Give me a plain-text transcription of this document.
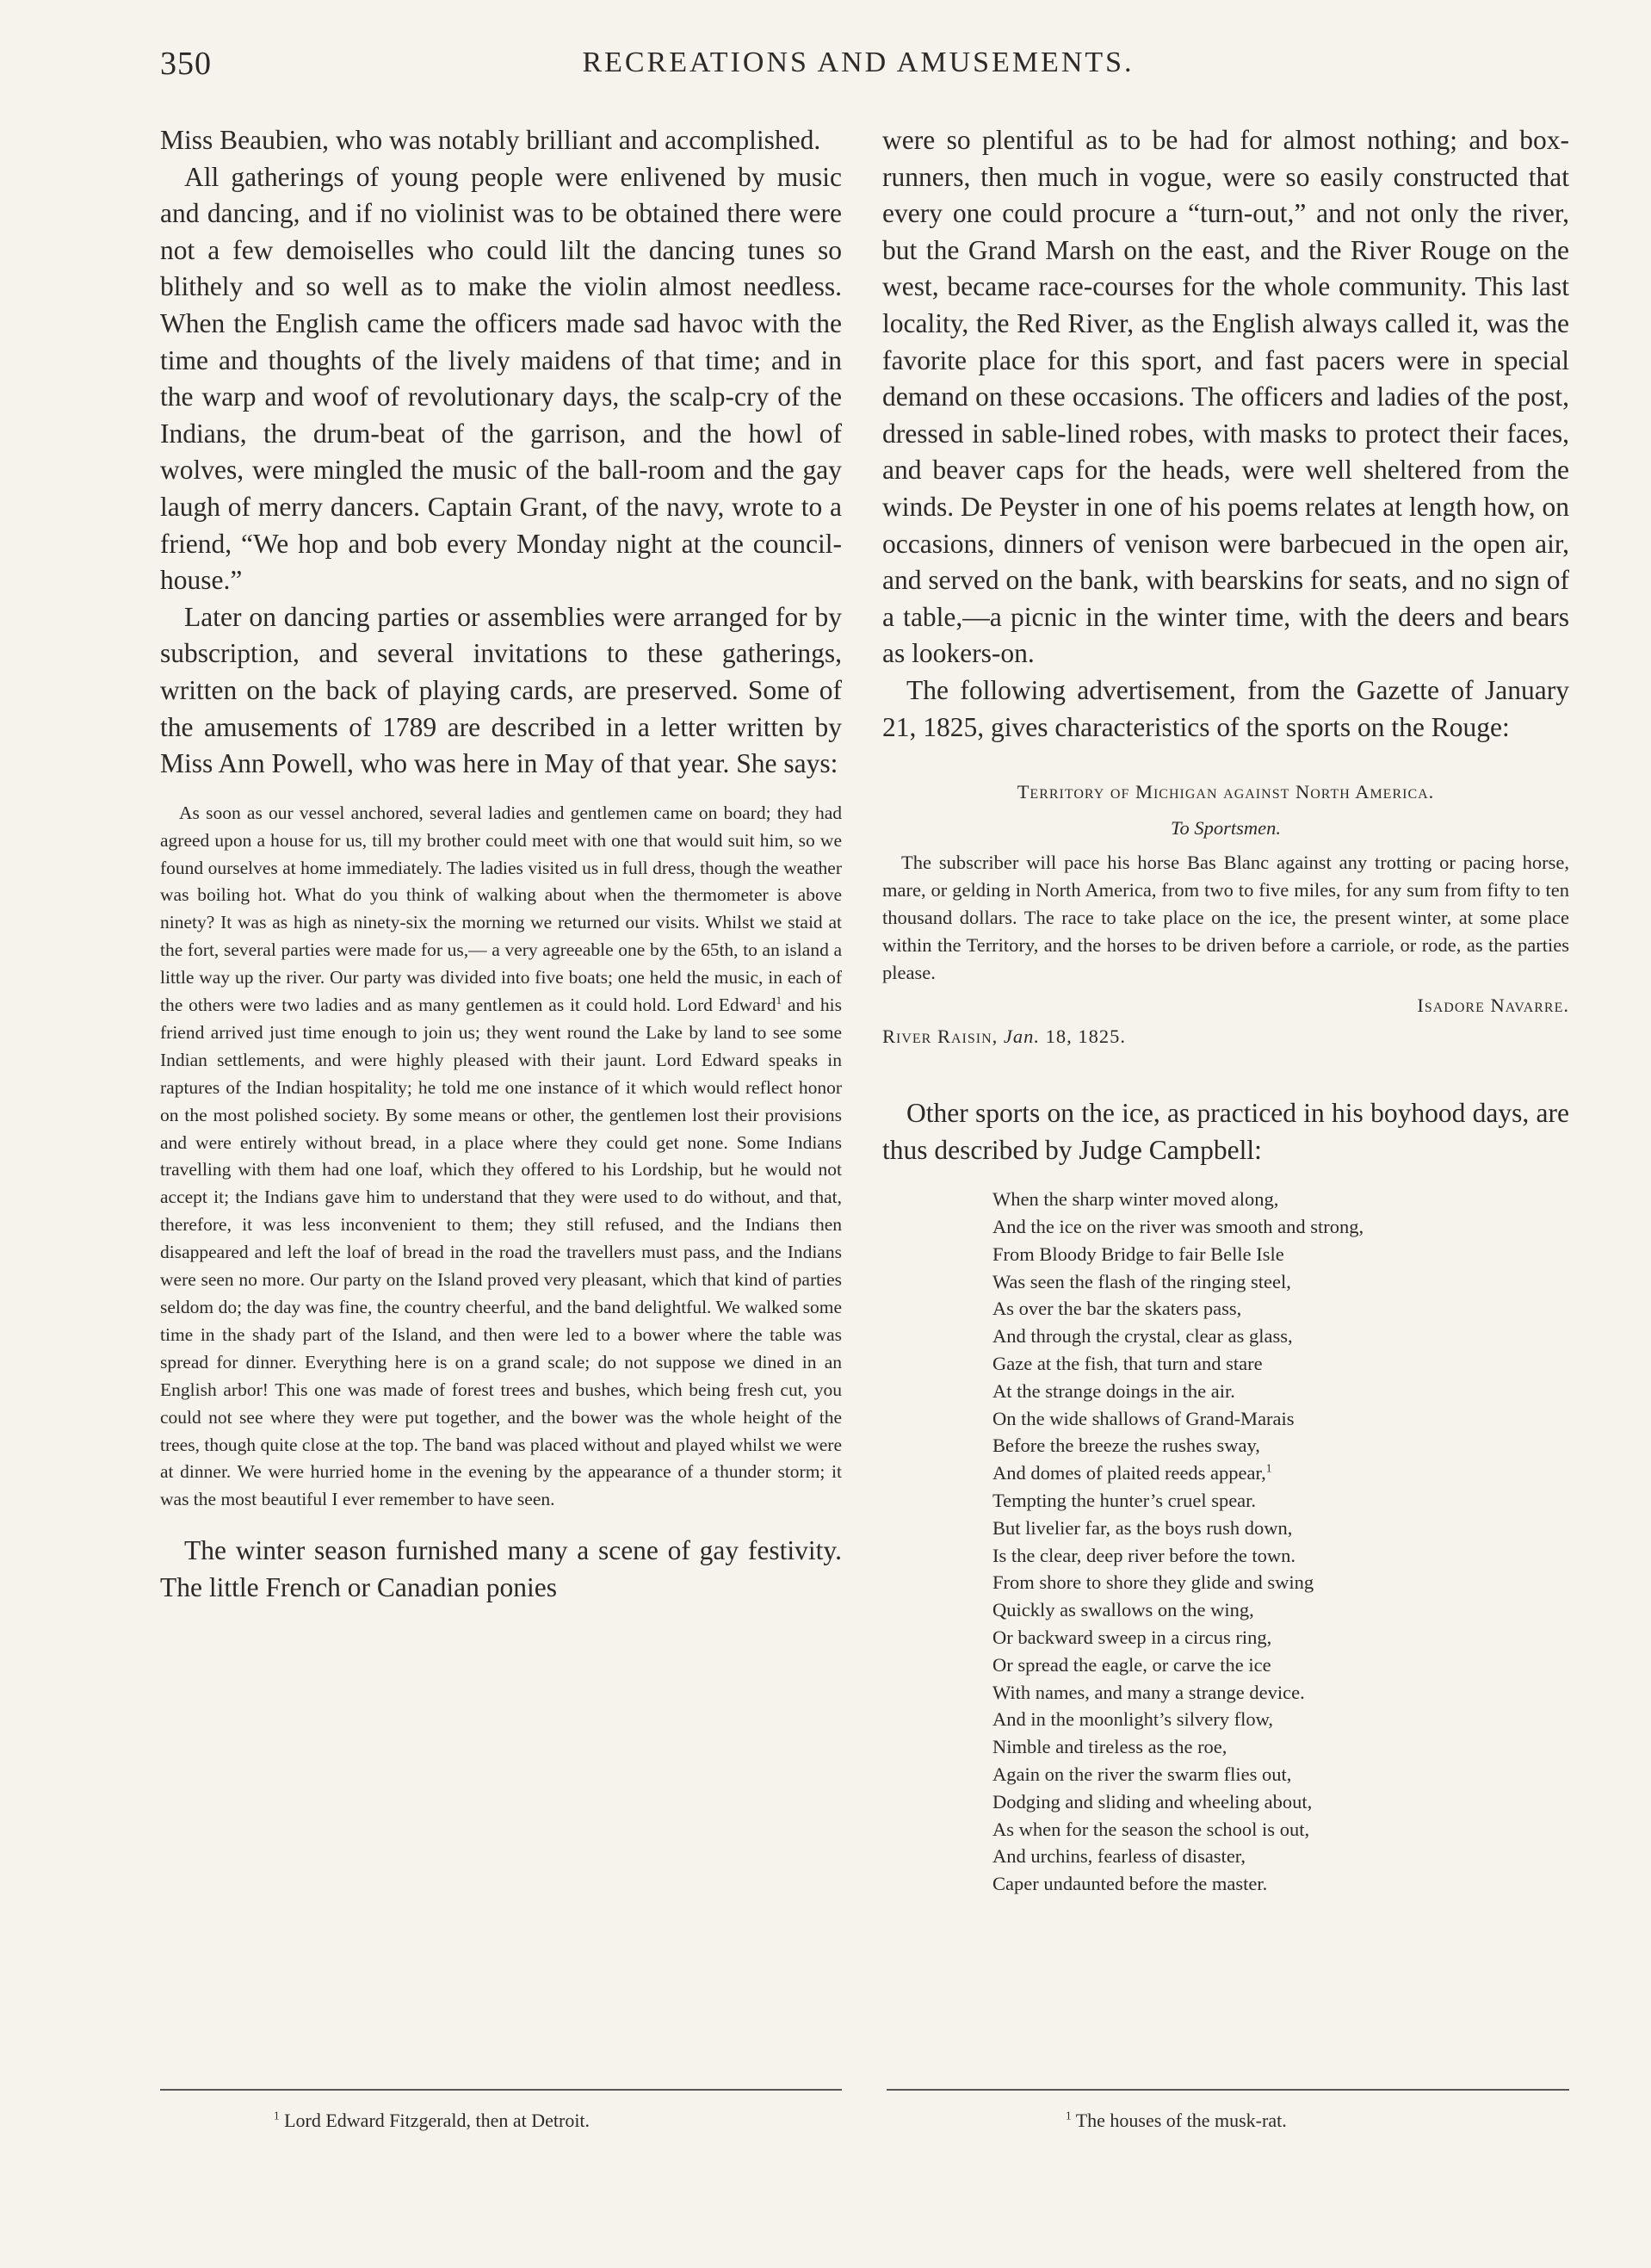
350	RECREATIONS AND AMUSEMENTS.

Miss Beaubien, who was notably brilliant and accomplished.

All gatherings of young people were enlivened by music and dancing, and if no violinist was to be obtained there were not a few demoiselles who could lilt the dancing tunes so blithely and so well as to make the violin almost needless. When the English came the officers made sad havoc with the time and thoughts of the lively maidens of that time; and in the warp and woof of revolutionary days, the scalp-cry of the Indians, the drum-beat of the garrison, and the howl of wolves, were mingled the music of the ball-room and the gay laugh of merry dancers. Captain Grant, of the navy, wrote to a friend, “We hop and bob every Monday night at the council-house.”

Later on dancing parties or assemblies were arranged for by subscription, and several invitations to these gatherings, written on the back of playing cards, are preserved. Some of the amusements of 1789 are described in a letter written by Miss Ann Powell, who was here in May of that year. She says:

As soon as our vessel anchored, several ladies and gentlemen came on board; they had agreed upon a house for us, till my brother could meet with one that would suit him, so we found ourselves at home immediately. The ladies visited us in full dress, though the weather was boiling hot. What do you think of walking about when the thermometer is above ninety? It was as high as ninety-six the morning we returned our visits. Whilst we staid at the fort, several parties were made for us,— a very agreeable one by the 65th, to an island a little way up the river. Our party was divided into five boats; one held the music, in each of the others were two ladies and as many gentlemen as it could hold. Lord Edward$^1$ and his friend arrived just time enough to join us; they went round the Lake by land to see some Indian settlements, and were highly pleased with their jaunt. Lord Edward speaks in raptures of the Indian hospitality; he told me one instance of it which would reflect honor on the most polished society. By some means or other, the gentlemen lost their provisions and were entirely without bread, in a place where they could get none. Some Indians travelling with them had one loaf, which they offered to his Lordship, but he would not accept it; the Indians gave him to understand that they were used to do without, and that, therefore, it was less inconvenient to them; they still refused, and the Indians then disappeared and left the loaf of bread in the road the travellers must pass, and the Indians were seen no more. Our party on the Island proved very pleasant, which that kind of parties seldom do; the day was fine, the country cheerful, and the band delightful. We walked some time in the shady part of the Island, and then were led to a bower where the table was spread for dinner. Everything here is on a grand scale; do not suppose we dined in an English arbor! This one was made of forest trees and bushes, which being fresh cut, you could not see where they were put together, and the bower was the whole height of the trees, though quite close at the top. The band was placed without and played whilst we were at dinner. We were hurried home in the evening by the appearance of a thunder storm; it was the most beautiful I ever remember to have seen.

The winter season furnished many a scene of gay festivity. The little French or Canadian ponies

were so plentiful as to be had for almost nothing; and box-runners, then much in vogue, were so easily constructed that every one could procure a “turn-out,” and not only the river, but the Grand Marsh on the east, and the River Rouge on the west, became race-courses for the whole community. This last locality, the Red River, as the English always called it, was the favorite place for this sport, and fast pacers were in special demand on these occasions. The officers and ladies of the post, dressed in sable-lined robes, with masks to protect their faces, and beaver caps for the heads, were well sheltered from the winds. De Peyster in one of his poems relates at length how, on occasions, dinners of venison were barbecued in the open air, and served on the bank, with bearskins for seats, and no sign of a table,—a picnic in the winter time, with the deers and bears as lookers-on.

The following advertisement, from the Gazette of January 21, 1825, gives characteristics of the sports on the Rouge:

Territory of Michigan against North America.
To Sportsmen.
The subscriber will pace his horse Bas Blanc against any trotting or pacing horse, mare, or gelding in North America, from two to five miles, for any sum from fifty to ten thousand dollars. The race to take place on the ice, the present winter, at some place within the Territory, and the horses to be driven before a carriole, or rode, as the parties please.
Isadore Navarre.
River Raisin, Jan. 18, 1825.

Other sports on the ice, as practiced in his boyhood days, are thus described by Judge Campbell:

When the sharp winter moved along,
And the ice on the river was smooth and strong,
From Bloody Bridge to fair Belle Isle
Was seen the flash of the ringing steel,
As over the bar the skaters pass,
And through the crystal, clear as glass,
Gaze at the fish, that turn and stare
At the strange doings in the air.
On the wide shallows of Grand-Marais
Before the breeze the rushes sway,
And domes of plaited reeds appear,$^1$
Tempting the hunter’s cruel spear.
But livelier far, as the boys rush down,
Is the clear, deep river before the town.
From shore to shore they glide and swing
Quickly as swallows on the wing,
Or backward sweep in a circus ring,
Or spread the eagle, or carve the ice
With names, and many a strange device.
And in the moonlight’s silvery flow,
Nimble and tireless as the roe,
Again on the river the swarm flies out,
Dodging and sliding and wheeling about,
As when for the season the school is out,
And urchins, fearless of disaster,
Caper undaunted before the master.
$^1$ Lord Edward Fitzgerald, then at Detroit.	$^1$ The houses of the musk-rat.
